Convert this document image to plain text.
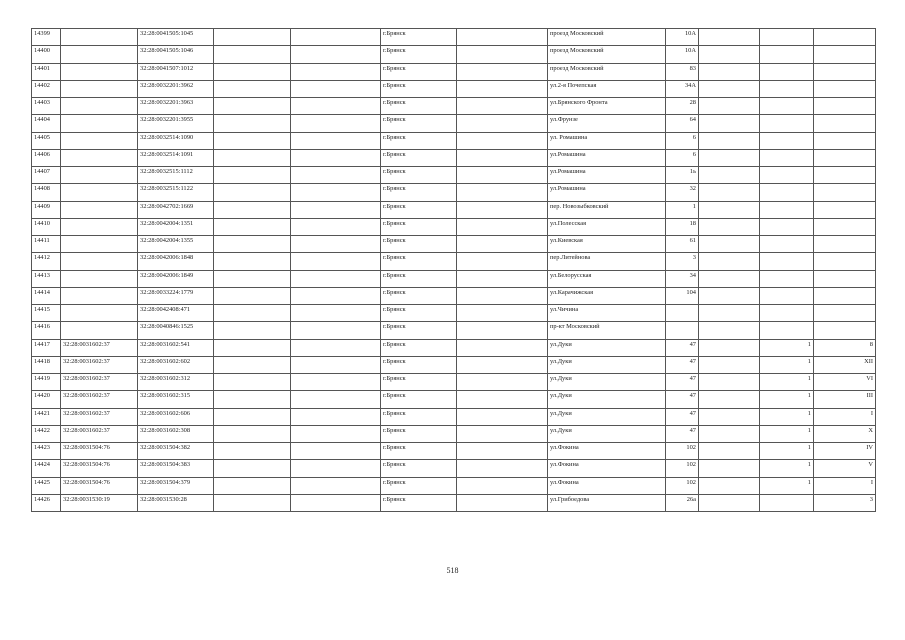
14399		32:28:0041505:1045			г.Брянск		проезд Московский	10А			
14400		32:28:0041505:1046			г.Брянск		проезд Московский	10А			
14401		32:28:0041507:1012			г.Брянск		проезд Московский	83			
14402		32:28:0032201:3962			г.Брянск		ул.2-я Почепская	34А			
14403		32:28:0032201:3963			г.Брянск		ул.Брянского Фронта	28			
14404		32:28:0032201:3955			г.Брянск		ул.Фрунзе	64			
14405		32:28:0032514:1090			г.Брянск		ул. Ромашина	6			
14406		32:28:0032514:1091			г.Брянск		ул.Ромашина	6			
14407		32:28:0032515:1112			г.Брянск		ул.Ромашина	1ь			
14408		32:28:0032515:1122			г.Брянск		ул.Ромашина	32			
14409		32:28:0042702:1669			г.Брянск		пер. Новозыбковский	1			
14410		32:28:0042004:1351			г.Брянск		ул.Полесская	18			
14411		32:28:0042004:1355			г.Брянск		ул.Киевская	61			
14412		32:28:0042006:1848			г.Брянск		пер.Литейнова	3			
14413		32:28:0042006:1849			г.Брянск		ул.Белорусская	34			
14414		32:28:0033224:1779			г.Брянск		ул.Карачижская	104			
14415		32:28:0042408:471			г.Брянск		ул.Чичина				
14416		32:28:0040846:1525			г.Брянск		пр-кт Московский				
14417	32:28:0031602:37	32:28:0031602:541			г.Брянск		ул.Дуки	47		1	8
14418	32:28:0031602:37	32:28:0031602:602			г.Брянск		ул.Дуки	47		1	XII
14419	32:28:0031602:37	32:28:0031602:312			г.Брянск		ул.Дуки	47		1	VI
14420	32:28:0031602:37	32:28:0031602:315			г.Брянск		ул.Дуки	47		1	III
14421	32:28:0031602:37	32:28:0031602:606			г.Брянск		ул.Дуки	47		1	I
14422	32:28:0031602:37	32:28:0031602:308			г.Брянск		ул.Дуки	47		1	X
14423	32:28:0031504:76	32:28:0031504:382			г.Брянск		ул.Фокина	102		1	IV
14424	32:28:0031504:76	32:28:0031504:383			г.Брянск		ул.Фокина	102		1	V
14425	32:28:0031504:76	32:28:0031504:379			г.Брянск		ул.Фокина	102		1	I
14426	32:28:0031530:19	32:28:0031530:28			г.Брянск		ул.Грибоедова	26а			3
518
